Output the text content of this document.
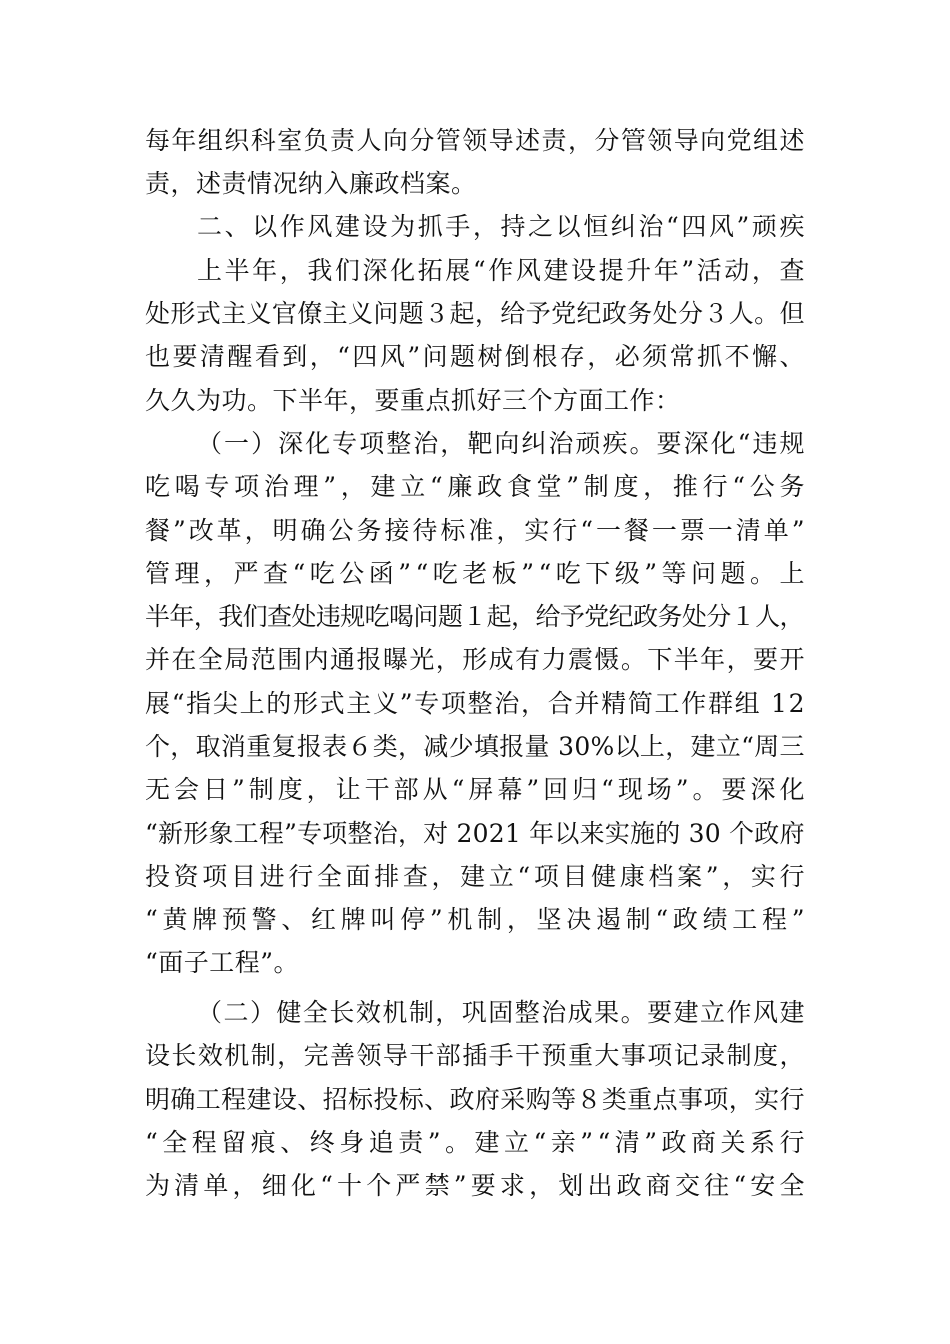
每年组织科室负责人向分管领导述责，分管领导向党组述
责，述责情况纳入廉政档案。
二、以作风建设为抓手，持之以恒纠治“四风”顽疾
上半年，我们深化拓展“作风建设提升年”活动，查
处形式主义官僚主义问题３起，给予党纪政务处分３人。但
也要清醒看到，“四风”问题树倒根存，必须常抓不懈、
久久为功。下半年，要重点抓好三个方面工作：
（一）深化专项整治，靶向纠治顽疾。要深化“违规
吃喝专项治理”，建立“廉政食堂”制度，推行“公务
餐”改革，明确公务接待标准，实行“一餐一票一清单”
管理，严查“吃公函”“吃老板”“吃下级”等问题。上
半年，我们查处违规吃喝问题１起，给予党纪政务处分１人，
并在全局范围内通报曝光，形成有力震慑。下半年，要开
展“指尖上的形式主义”专项整治，合并精简工作群组 12
个，取消重复报表６类，减少填报量 30%以上，建立“周三
无会日”制度，让干部从“屏幕”回归“现场”。要深化
“新形象工程”专项整治，对 2021 年以来实施的 30 个政府
投资项目进行全面排查，建立“项目健康档案”，实行
“黄牌预警、红牌叫停”机制，坚决遏制“政绩工程”
“面子工程”。
（二）健全长效机制，巩固整治成果。要建立作风建
设长效机制，完善领导干部插手干预重大事项记录制度，
明确工程建设、招标投标、政府采购等８类重点事项，实行
“全程留痕、终身追责”。建立“亲”“清”政商关系行
为清单，细化“十个严禁”要求，划出政商交往“安全
